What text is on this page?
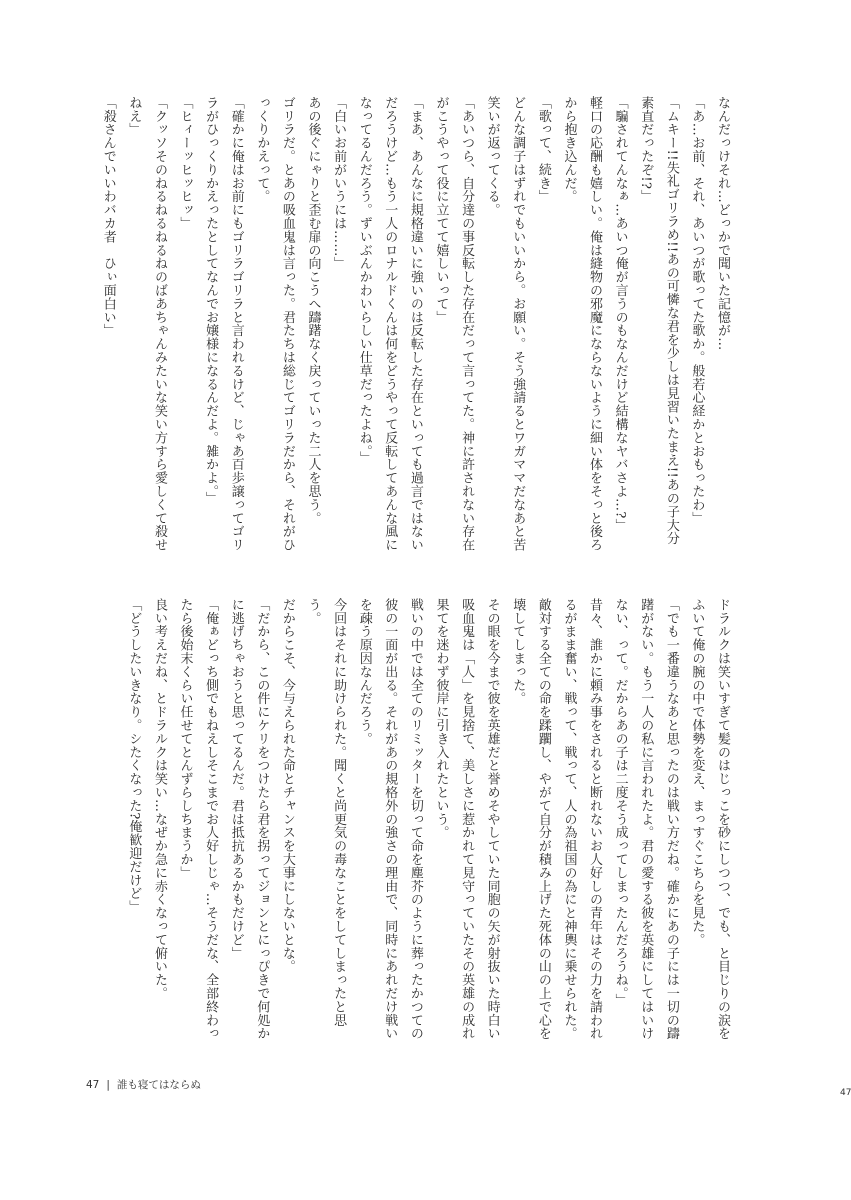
なんだっけそれ…どっかで聞いた記憶が…

「あ…お前、それ、あいつが歌ってた歌か。般若心経かとおもったわ」

「ムキー!!失礼ゴリラめ!!あの可憐な君を少しは見習いたまえ!!あの子大分素直だったぞ!?」

「騙されてんなぁ…あいつ俺が言うのもなんだけど結構なヤバさよ…?」

軽口の応酬も嬉しい。俺は縫物の邪魔にならないように細い体をそっと後ろから抱き込んだ。

「歌って、続き」

どんな調子はずれでもいいから。お願い。そう強請るとワガママだなあと苦笑いが返ってくる。

「あいつら、自分達の事反転した存在だって言ってた。神に許されない存在がこうやって役に立てて嬉しいって」

「まあ、あんなに規格違いに強いのは反転した存在といっても過言ではないだろうけど…もう一人のロナルドくんは何をどうやって反転してあんな風になってるんだろう。ずいぶんかわいらしい仕草だったよね。」

「白いお前がいうには……」

あの後ぐにゃりと歪む扉の向こうへ躊躇なく戻っていった二人を思う。

ゴリラだ。とあの吸血鬼は言った。君たちは総じてゴリラだから、それがひっくりかえって。

「確かに俺はお前にもゴリラゴリラと言われるけど、じゃあ百歩譲ってゴリラがひっくりかえったとしてなんでお嬢様になるんだよ。雑かよ。」

「ヒィーッヒッヒッ」

「クッソそのねるねるねるねのばあちゃんみたいな笑い方すら愛しくて殺せねえ」

「殺さんでいいわバカ者　ひぃ面白い」

ドラルクは笑いすぎて髪のはじっこを砂にしつつ、でも、と目じりの涙をふいて俺の腕の中で体勢を変え、まっすぐこちらを見た。

「でも一番違うなあと思ったのは戦い方だね。確かにあの子には一切の躊躇がない。もう一人の私に言われたよ。君の愛する彼を英雄にしてはいけない、って。だからあの子は二度そう成ってしまったんだろうね。」

昔々、誰かに頼み事をされると断れないお人好しの青年はその力を請われるがまま奮い、戦って、戦って、人の為祖国の為にと神輿に乗せられた。敵対する全ての命を蹂躙し、やがて自分が積み上げた死体の山の上で心を壊してしまった。

その眼を今まで彼を英雄だと誉めそやしていた同胞の矢が射抜いた時白い吸血鬼は「人」を見捨て、美しさに惹かれて見守っていたその英雄の成れ果てを迷わず彼岸に引き入れたという。

戦いの中では全てのリミッターを切って命を塵芥のように葬ったかつての彼の一面が出る。それがあの規格外の強さの理由で、同時にあれだけ戦いを疎う原因なんだろう。

今回はそれに助けられた。聞くと尚更気の毒なことをしてしまったと思う。

だからこそ、今与えられた命とチャンスを大事にしないとな。

「だから、この件にケリをつけたら君を拐ってジョンとにっぴきで何処かに逃げちゃおうと思ってるんだ。君は抵抗あるかもだけど」

「俺ぁどっち側でもねえしそこまでお人好しじゃ…そうだな、全部終わったら後始末くらい任せてとんずらしちまうか」

良い考えだね、とドラルクは笑い…なぜか急に赤くなって俯いた。

「どうしたいきなり。シたくなった?俺歓迎だけど」

47 | 誰も寝てはならぬ
47
